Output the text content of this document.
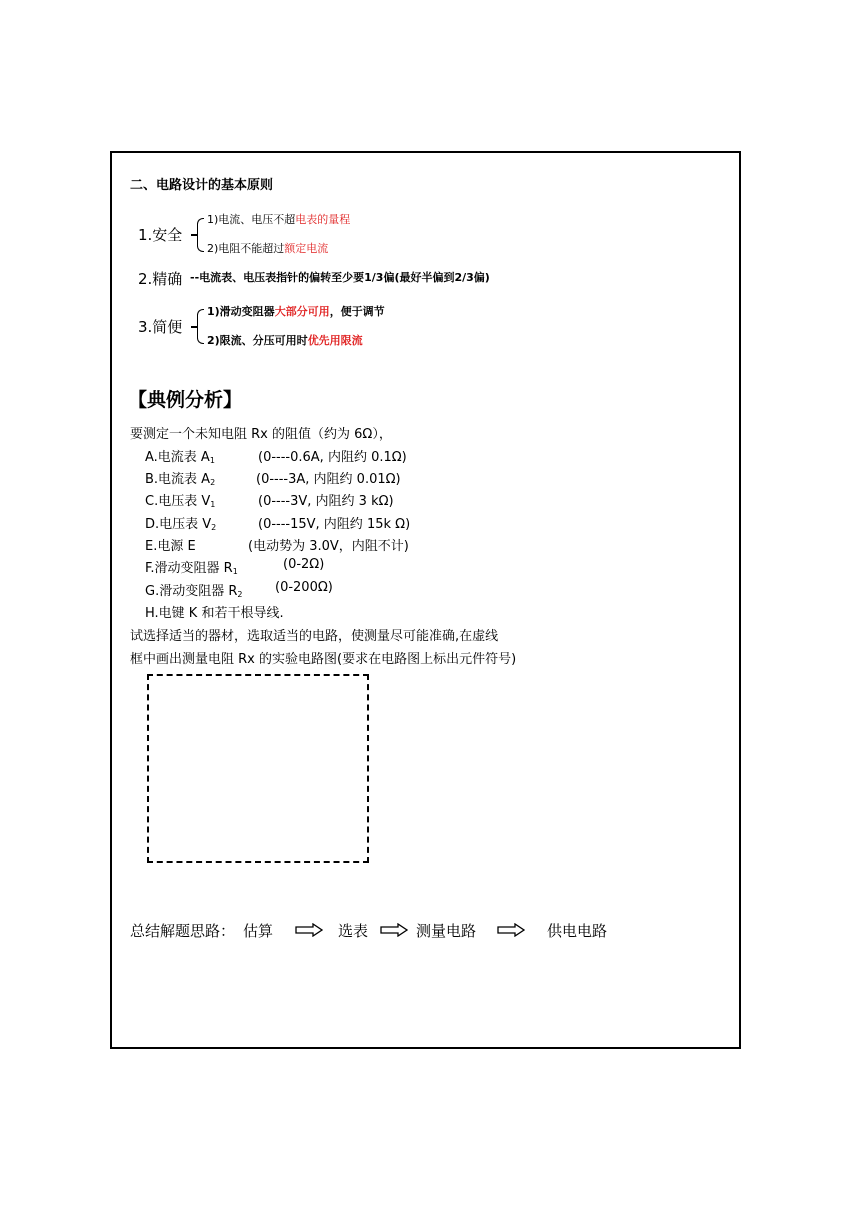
二、电路设计的基本原则
1.安全
1)电流、电压不超电表的量程
2)电阻不能超过额定电流
2.精确 --电流表、电压表指针的偏转至少要1/3偏(最好半偏到2/3偏)
3.简便
1)滑动变阻器大部分可用，便于调节
2)限流、分压可用时优先用限流
【典例分析】
要测定一个未知电阻 Rx 的阻值（约为 6Ω），
A.电流表 $A_1$	(0----0.6A, 内阻约 0.1Ω)
B.电流表 $A_2$	(0----3A, 内阻约 0.01Ω)
C.电压表 $V_1$	(0----3V, 内阻约 3 kΩ)
D.电压表 $V_2$	(0----15V, 内阻约 15k Ω)
E.电源 E	(电动势为 3.0V，内阻不计)
F.滑动变阻器 $R_1$	(0-2Ω)
G.滑动变阻器 $R_2$	(0-200Ω)
H.电键 K 和若干根导线.
试选择适当的器材，选取适当的电路，使测量尽可能准确,在虚线
框中画出测量电阻 Rx 的实验电路图(要求在电路图上标出元件符号)
总结解题思路： 估算	选表	测量电路	供电电路
